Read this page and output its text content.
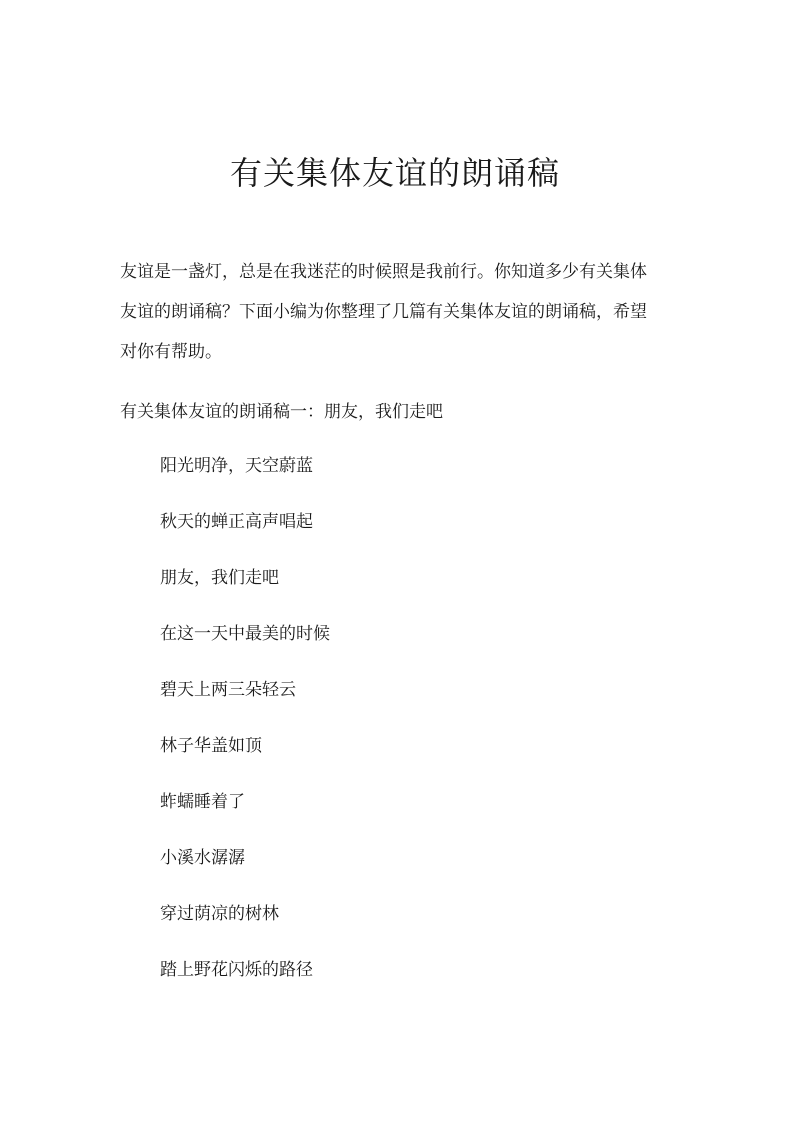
有关集体友谊的朗诵稿

友谊是一盏灯，总是在我迷茫的时候照是我前行。你知道多少有关集体
友谊的朗诵稿？下面小编为你整理了几篇有关集体友谊的朗诵稿，希望
对你有帮助。

有关集体友谊的朗诵稿一：朋友，我们走吧

阳光明净，天空蔚蓝
秋天的蝉正高声唱起
朋友，我们走吧
在这一天中最美的时候
碧天上两三朵轻云
林子华盖如顶
蚱蠕睡着了
小溪水潺潺
穿过荫凉的树林
踏上野花闪烁的路径
